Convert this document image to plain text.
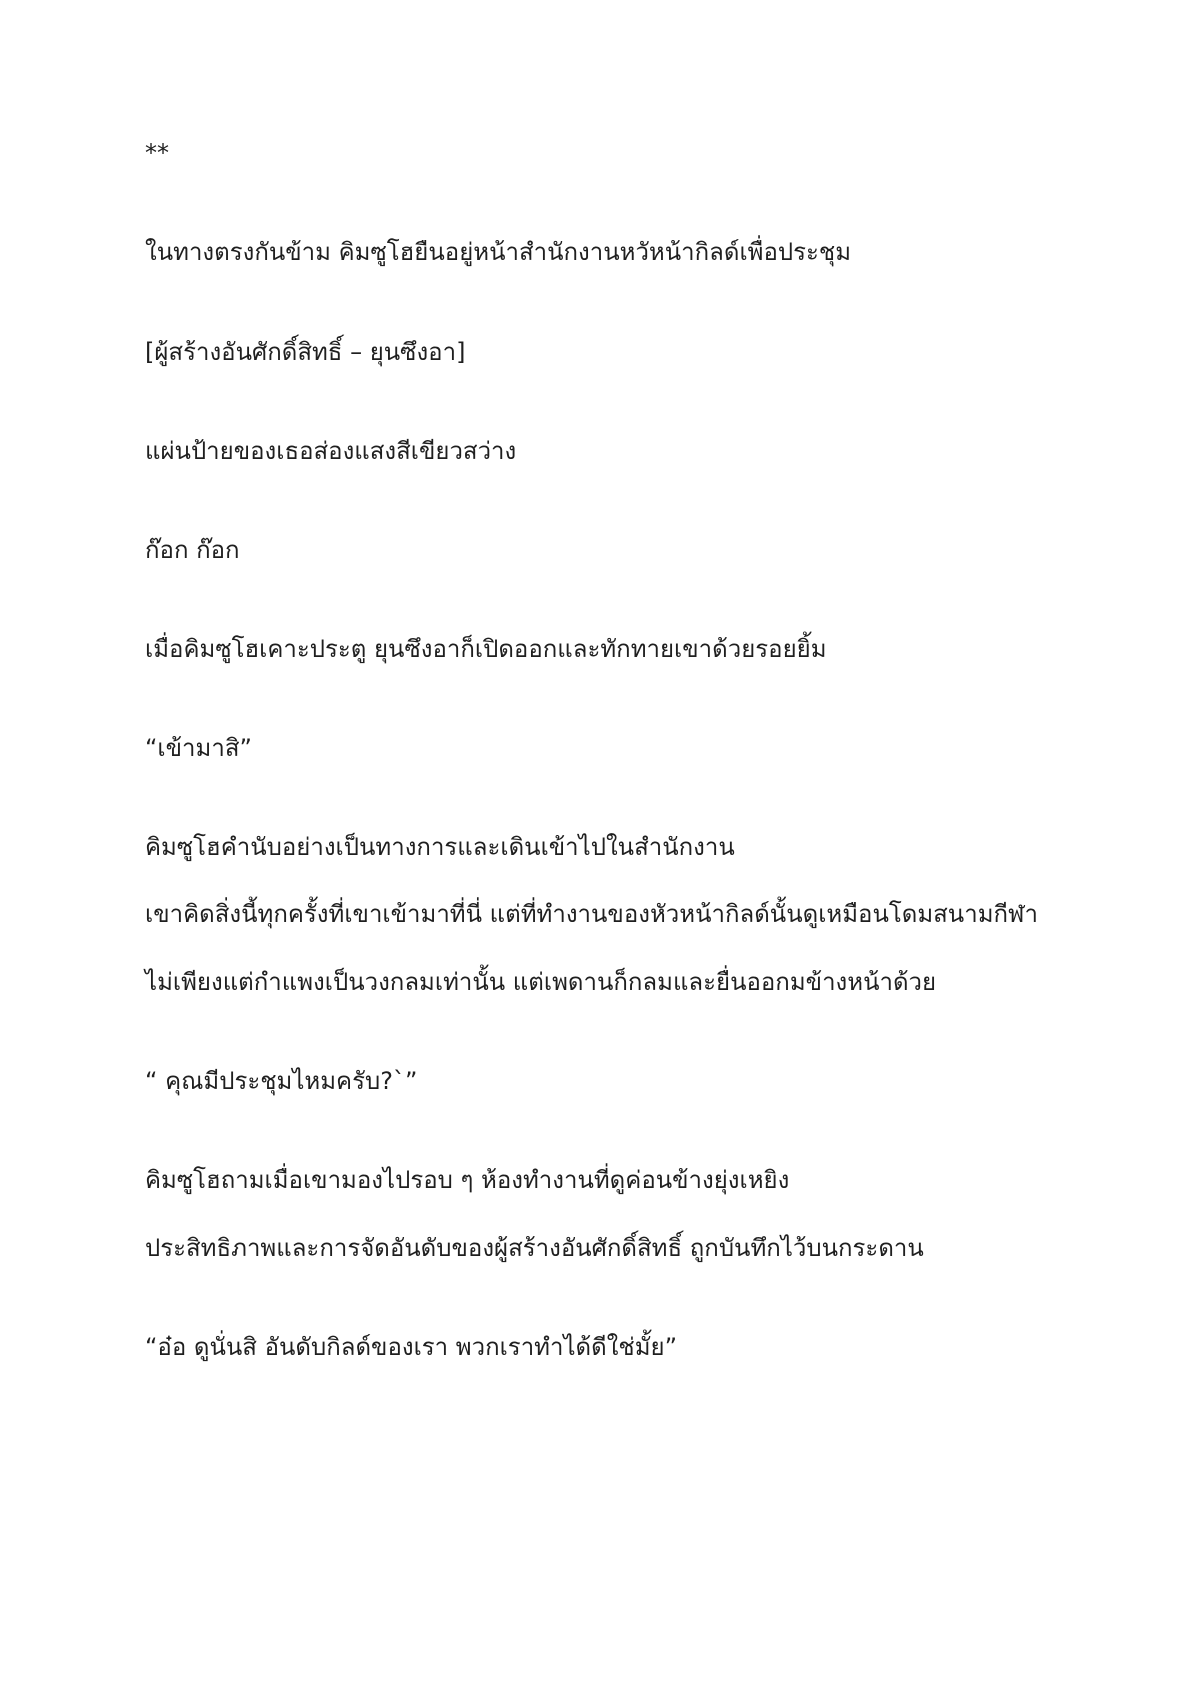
**
ในทางตรงกันข้าม คิมซูโฮยืนอยู่หน้าสำนักงานหวัหน้ากิลด์เพื่อประชุม
[ผู้สร้างอันศักดิ์สิทธิ์ – ยุนซึงอา]
แผ่นป้ายของเธอส่องแสงสีเขียวสว่าง
ก๊อก ก๊อก
เมื่อคิมซูโฮเคาะประตู ยุนซึงอาก็เปิดออกและทักทายเขาด้วยรอยยิ้ม
“เข้ามาสิ”
คิมซูโฮคำนับอย่างเป็นทางการและเดินเข้าไปในสำนักงาน
เขาคิดสิ่งนี้ทุกครั้งที่เขาเข้ามาที่นี่ แต่ที่ทำงานของหัวหน้ากิลด์นั้นดูเหมือนโดมสนามกีฬา
ไม่เพียงแต่กำแพงเป็นวงกลมเท่านั้น แต่เพดานก็กลมและยื่นออกมข้างหน้าด้วย
“ คุณมีประชุมไหมครับ?`”
คิมซูโฮถามเมื่อเขามองไปรอบ ๆ ห้องทำงานที่ดูค่อนข้างยุ่งเหยิง
ประสิทธิภาพและการจัดอันดับของผู้สร้างอันศักดิ์สิทธิ์ ถูกบันทึกไว้บนกระดาน
“อ๋อ ดูนั่นสิ อันดับกิลด์ของเรา พวกเราทำได้ดีใช่มั้ย”
